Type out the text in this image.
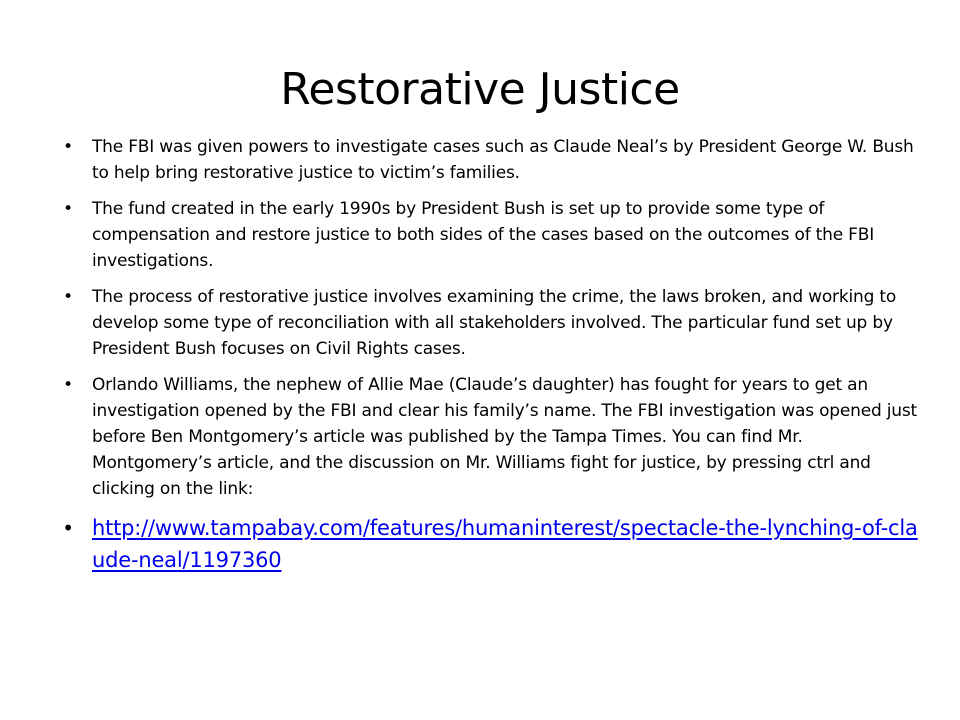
Restorative Justice
• The FBI was given powers to investigate cases such as Claude Neal’s by President George W. Bush to help bring restorative justice to victim’s families.
• The fund created in the early 1990s by President Bush is set up to provide some type of compensation and restore justice to both sides of the cases based on the outcomes of the FBI investigations.
• The process of restorative justice involves examining the crime, the laws broken, and working to develop some type of reconciliation with all stakeholders involved. The particular fund set up by President Bush focuses on Civil Rights cases.
• Orlando Williams, the nephew of Allie Mae (Claude’s daughter) has fought for years to get an investigation opened by the FBI and clear his family’s name. The FBI investigation was opened just before Ben Montgomery’s article was published by the Tampa Times. You can find Mr. Montgomery’s article, and the discussion on Mr. Williams fight for justice, by pressing ctrl and clicking on the link:
• http://www.tampabay.com/features/humaninterest/spectacle-the-lynching-of-claude-neal/1197360
